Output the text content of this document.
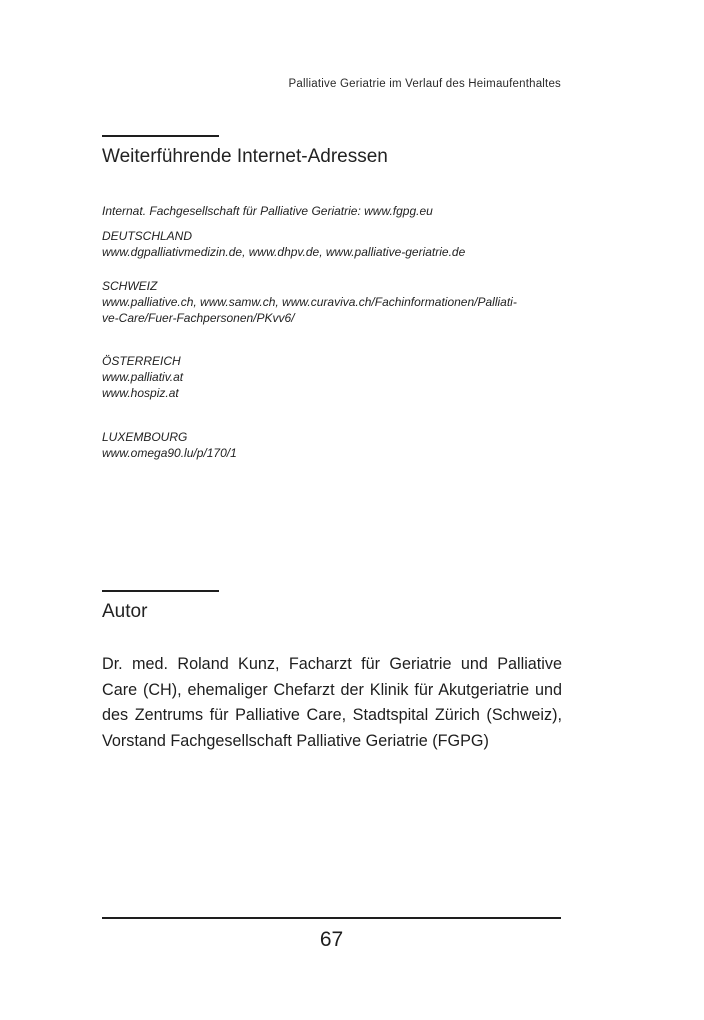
Palliative Geriatrie im Verlauf des Heimaufenthaltes
Weiterführende Internet-Adressen
Internat. Fachgesellschaft für Palliative Geriatrie: www.fgpg.eu
DEUTSCHLAND
www.dgpalliativmedizin.de, www.dhpv.de, www.palliative-geriatrie.de
SCHWEIZ
www.palliative.ch, www.samw.ch, www.curaviva.ch/Fachinformationen/Palliati-
ve-Care/Fuer-Fachpersonen/PKvv6/
ÖSTERREICH
www.palliativ.at
www.hospiz.at
LUXEMBOURG
www.omega90.lu/p/170/1
Autor
Dr. med. Roland Kunz, Facharzt für Geriatrie und Palliative
Care (CH), ehemaliger Chefarzt der Klinik für Akutgeriatrie und
des Zentrums für Palliative Care, Stadtspital Zürich (Schweiz),
Vorstand Fachgesellschaft Palliative Geriatrie (FGPG)
67
